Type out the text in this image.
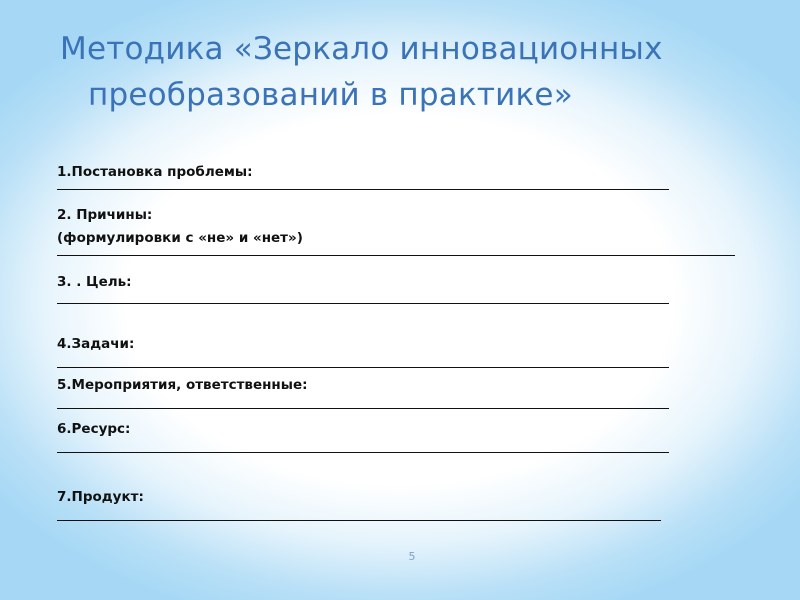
Методика «Зеркало инновационных
преобразований в практике»
1.Постановка проблемы:
2. Причины:
(формулировки с «не» и «нет»)
3. . Цель:
4.Задачи:
5.Мероприятия, ответственные:
6.Ресурс:
7.Продукт:
5
